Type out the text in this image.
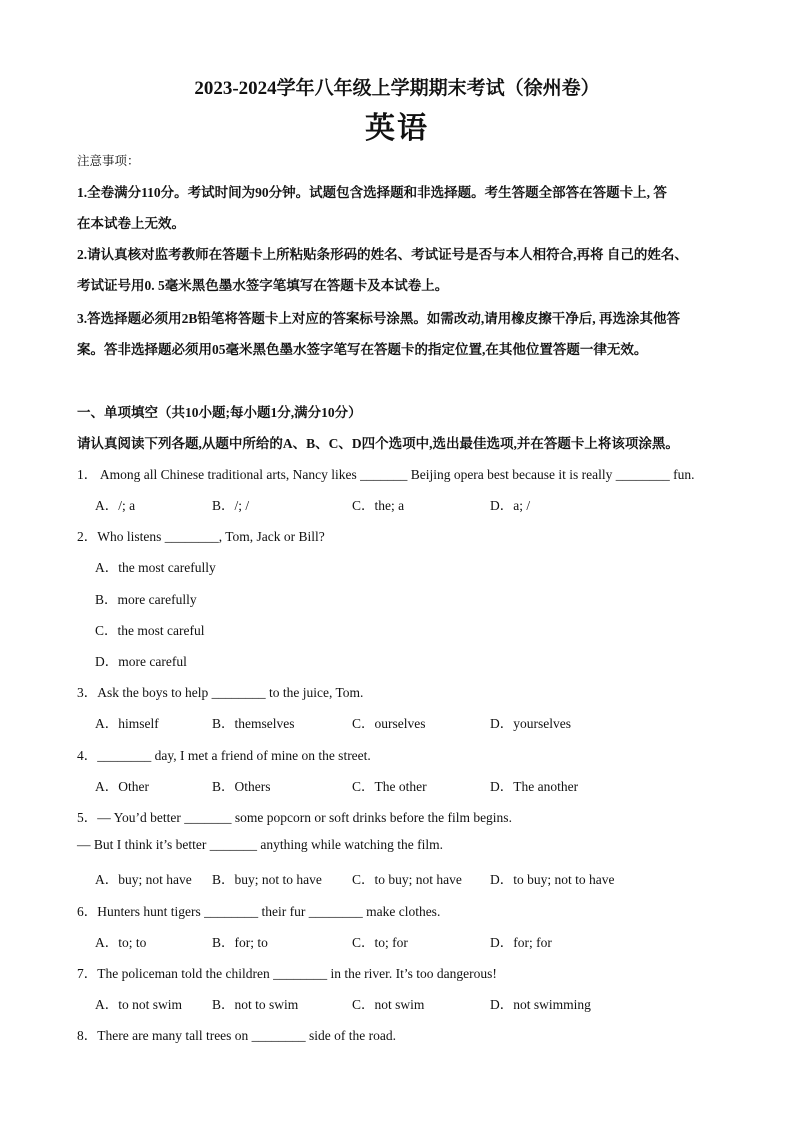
2023-2024学年八年级上学期期末考试（徐州卷）
英语
注意事项：
1.全卷满分110分。考试时间为90分钟。试题包含选择题和非选择题。考生答题全部答在答题卡上, 答
在本试卷上无效。
2.请认真核对监考教师在答题卡上所粘贴条形码的姓名、考试证号是否与本人相符合,再将 自己的姓名、
考试证号用0. 5毫米黑色墨水签字笔填写在答题卡及本试卷上。
3.答选择题必须用2B铅笔将答题卡上对应的答案标号涂黑。如需改动,请用橡皮擦干净后, 再选涂其他答
案。答非选择题必须用05毫米黑色墨水签字笔写在答题卡的指定位置,在其他位置答题一律无效。
一、单项填空（共10小题;每小题1分,满分10分）
请认真阅读下列各题,从题中所给的A、B、C、D四个选项中,选出最佳选项,并在答题卡上将该项涂黑。
1． Among all Chinese traditional arts, Nancy likes _______ Beijing opera best because it is really ________ fun.
A．/; a	B．/; /	C．the; a	D．a; /
2．Who listens ________, Tom, Jack or Bill?
A．the most carefully
B．more carefully
C．the most careful
D．more careful
3．Ask the boys to help ________ to the juice, Tom.
A．himself	B．themselves	C．ourselves	D．yourselves
4．________ day, I met a friend of mine on the street.
A．Other	B．Others	C．The other	D．The another
5．— You’d better _______ some popcorn or soft drinks before the film begins.
— But I think it’s better _______ anything while watching the film.
A．buy; not have B．buy; not to have C．to buy; not have D．to buy; not to have
6．Hunters hunt tigers ________ their fur ________ make clothes.
A．to; to	B．for; to	C．to; for	D．for; for
7．The policeman told the children ________ in the river. It’s too dangerous!
A．to not swim B．not to swim	C．not swim	D．not swimming
8．There are many tall trees on ________ side of the road.
